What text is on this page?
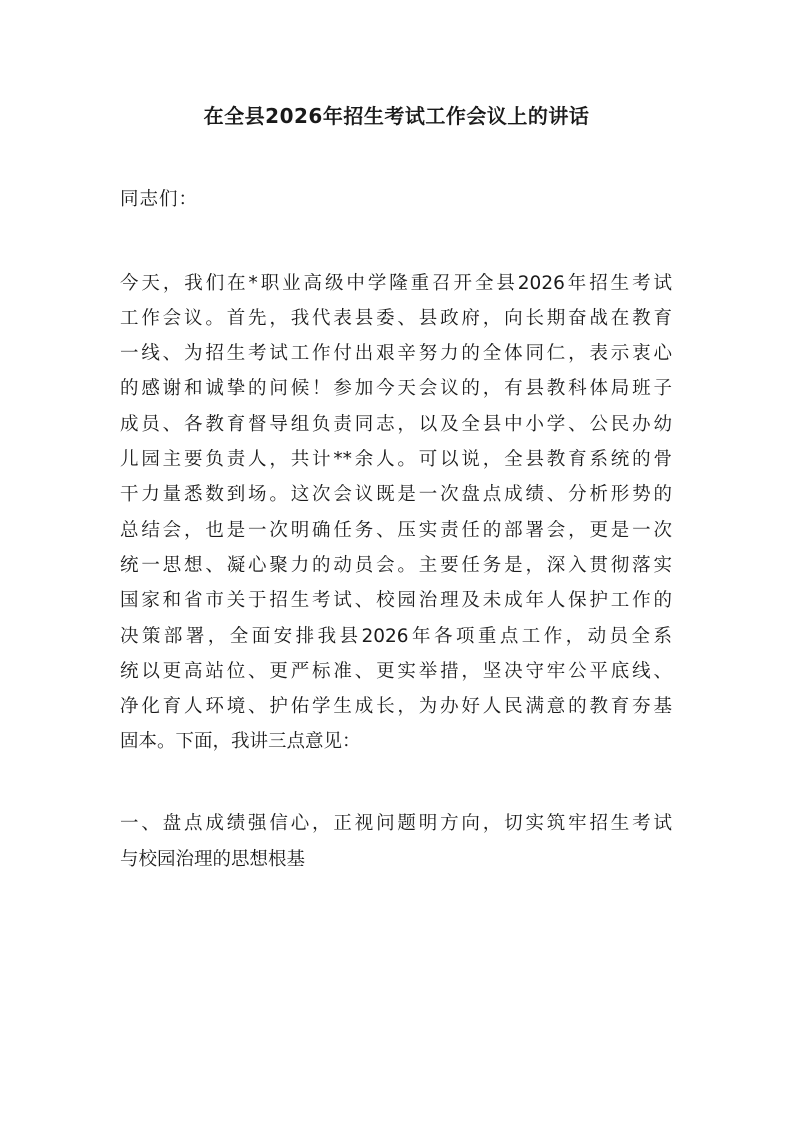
在全县2026年招生考试工作会议上的讲话
同志们：
今天，我们在*职业高级中学隆重召开全县2026年招生考试
工作会议。首先，我代表县委、县政府，向长期奋战在教育
一线、为招生考试工作付出艰辛努力的全体同仁，表示衷心
的感谢和诚挚的问候！参加今天会议的，有县教科体局班子
成员、各教育督导组负责同志，以及全县中小学、公民办幼
儿园主要负责人，共计**余人。可以说，全县教育系统的骨
干力量悉数到场。这次会议既是一次盘点成绩、分析形势的
总结会，也是一次明确任务、压实责任的部署会，更是一次
统一思想、凝心聚力的动员会。主要任务是，深入贯彻落实
国家和省市关于招生考试、校园治理及未成年人保护工作的
决策部署，全面安排我县2026年各项重点工作，动员全系
统以更高站位、更严标准、更实举措，坚决守牢公平底线、
净化育人环境、护佑学生成长，为办好人民满意的教育夯基
固本。下面，我讲三点意见：
一、盘点成绩强信心，正视问题明方向，切实筑牢招生考试
与校园治理的思想根基
